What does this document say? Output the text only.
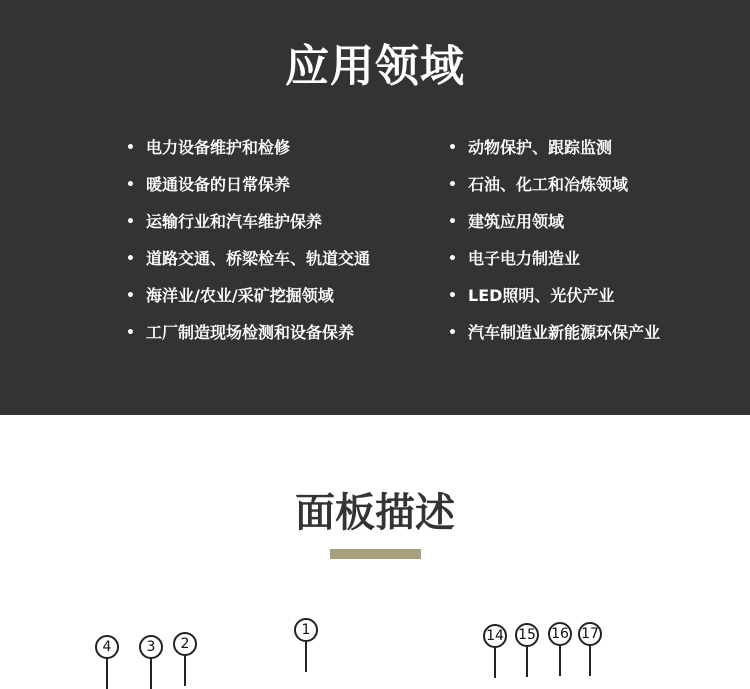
应用领域
• 电力设备维护和检修
• 暖通设备的日常保养
• 运输行业和汽车维护保养
• 道路交通、桥梁检车、轨道交通
• 海洋业/农业/采矿挖掘领域
• 工厂制造现场检测和设备保养
• 动物保护、跟踪监测
• 石油、化工和冶炼领域
• 建筑应用领域
• 电子电力制造业
• LED照明、光伏产业
• 汽车制造业新能源环保产业
面板描述
4	3	2
1	14 15 16 17
